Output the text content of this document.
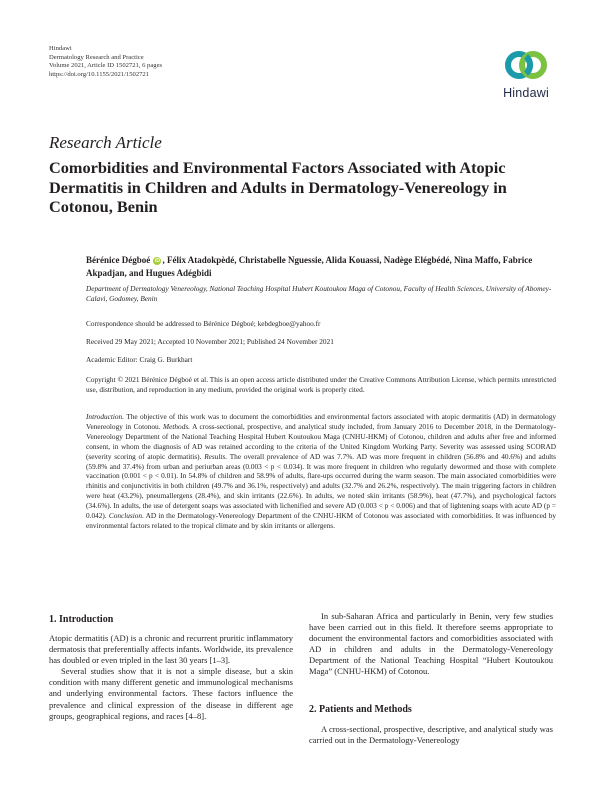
Hindawi
Dermatology Research and Practice
Volume 2021, Article ID 1502721, 6 pages
https://doi.org/10.1155/2021/1502721
Hindawi
Research Article
Comorbidities and Environmental Factors Associated with Atopic Dermatitis in Children and Adults in Dermatology-Venereology in Cotonou, Benin
Bérénice Dégboé iD , Félix Atadokpèdé, Christabelle Nguessie, Alida Kouassi, Nadège Elégbédé, Nina Maffo, Fabrice Akpadjan, and Hugues Adégbidi
Department of Dermatology Venereology, National Teaching Hospital Hubert Koutoukou Maga of Cotonou, Faculty of Health Sciences, University of Abomey-Calavi, Godomey, Benin
Correspondence should be addressed to Bérénice Dégboé; kebdegboe@yahoo.fr
Received 29 May 2021; Accepted 10 November 2021; Published 24 November 2021
Academic Editor: Craig G. Burkhart
Copyright © 2021 Bérénice Dégboé et al. This is an open access article distributed under the Creative Commons Attribution License, which permits unrestricted use, distribution, and reproduction in any medium, provided the original work is properly cited.
Introduction. The objective of this work was to document the comorbidities and environmental factors associated with atopic dermatitis (AD) in dermatology Venereology in Cotonou. Methods. A cross-sectional, prospective, and analytical study included, from January 2016 to December 2018, in the Dermatology-Venereology Department of the National Teaching Hospital Hubert Koutoukou Maga (CNHU-HKM) of Cotonou, children and adults after free and informed consent, in whom the diagnosis of AD was retained according to the criteria of the United Kingdom Working Party. Severity was assessed using SCORAD (severity scoring of atopic dermatitis). Results. The overall prevalence of AD was 7.7%. AD was more frequent in children (56.8% and 40.6%) and adults (59.8% and 37.4%) from urban and periurban areas (0.003 < p < 0.034). It was more frequent in children who regularly dewormed and those with complete vaccination (0.001 < p < 0.01). In 54.8% of children and 58.9% of adults, flare-ups occurred during the warm season. The main associated comorbidities were rhinitis and conjunctivitis in both children (49.7% and 36.1%, respectively) and adults (32.7% and 26.2%, respectively). The main triggering factors in children were heat (43.2%), pneumallergens (28.4%), and skin irritants (22.6%). In adults, we noted skin irritants (58.9%), heat (47.7%), and psychological factors (34.6%). In adults, the use of detergent soaps was associated with lichenified and severe AD (0.003 < p < 0.006) and that of lightening soaps with acute AD (p = 0.042). Conclusion. AD in the Dermatology-Venereology Department of the CNHU-HKM of Cotonou was associated with comorbidities. It was influenced by environmental factors related to the tropical climate and by skin irritants or allergens.
1. Introduction

Atopic dermatitis (AD) is a chronic and recurrent pruritic inflammatory dermatosis that preferentially affects infants. Worldwide, its prevalence has doubled or even tripled in the last 30 years [1–3].

Several studies show that it is not a simple disease, but a skin condition with many different genetic and immunological mechanisms and underlying environmental factors. These factors influence the prevalence and clinical expression of the disease in different age groups, geographical regions, and races [4–8].

In sub-Saharan Africa and particularly in Benin, very few studies have been carried out in this field. It therefore seems appropriate to document the environmental factors and comorbidities associated with AD in children and adults in the Dermatology-Venereology Department of the National Teaching Hospital “Hubert Koutoukou Maga” (CNHU-HKM) of Cotonou.
2. Patients and Methods
A cross-sectional, prospective, descriptive, and analytical study was carried out in the Dermatology-Venereology
